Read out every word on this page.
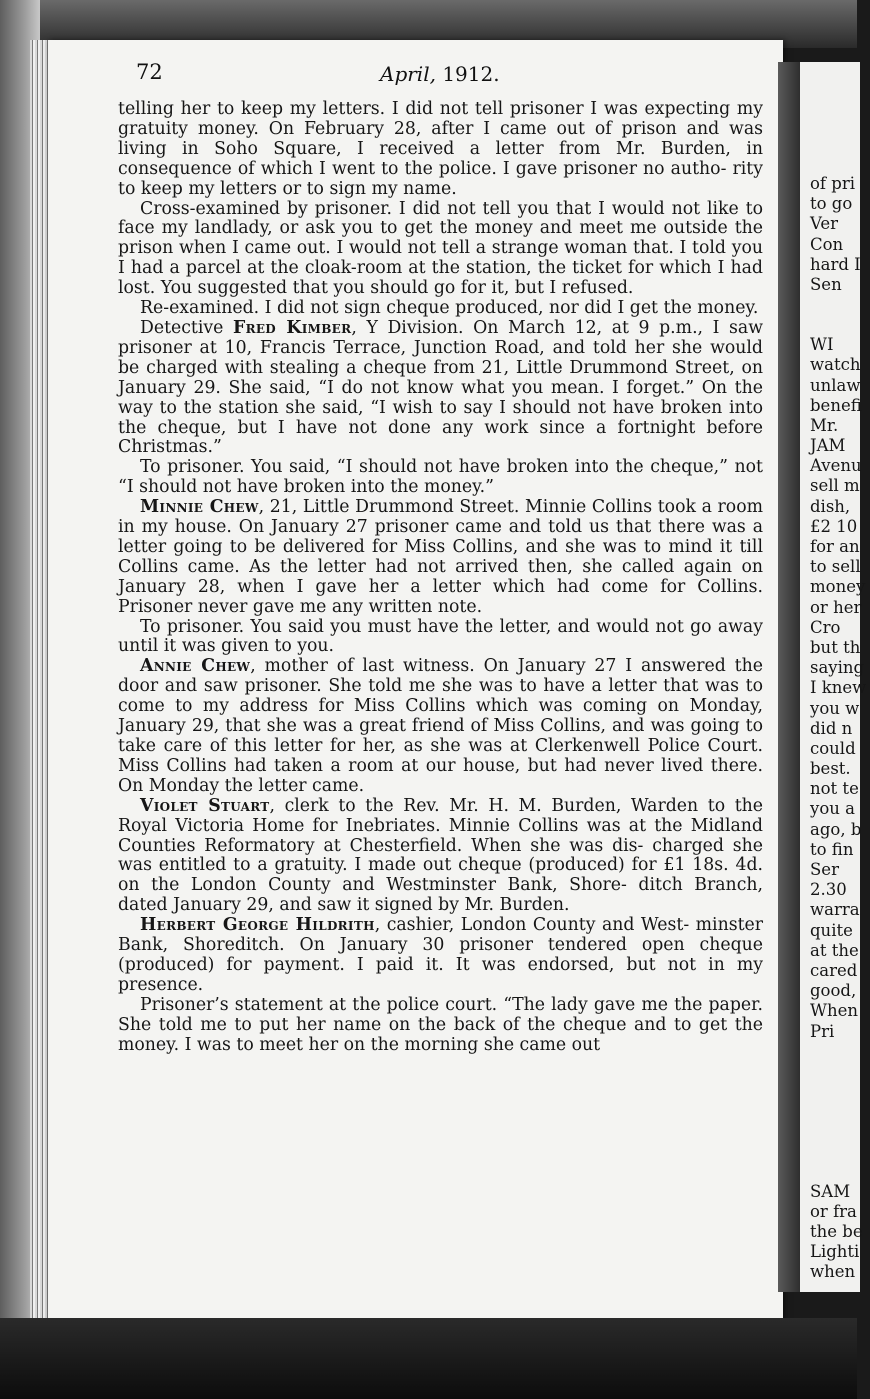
72	April, 1912.

telling her to keep my letters. I did not tell prisoner I was expecting my gratuity money. On February 28, after I came out of prison and was living in Soho Square, I received a letter from Mr. Burden, in consequence of which I went to the police. I gave prisoner no autho- rity to keep my letters or to sign my name.

Cross-examined by prisoner. I did not tell you that I would not like to face my landlady, or ask you to get the money and meet me outside the prison when I came out. I would not tell a strange woman that. I told you I had a parcel at the cloak-room at the station, the ticket for which I had lost. You suggested that you should go for it, but I refused.

Re-examined. I did not sign cheque produced, nor did I get the money.

Detective Fred Kimber, Y Division. On March 12, at 9 p.m., I saw prisoner at 10, Francis Terrace, Junction Road, and told her she would be charged with stealing a cheque from 21, Little Drummond Street, on January 29. She said, “I do not know what you mean. I forget.” On the way to the station she said, “I wish to say I should not have broken into the cheque, but I have not done any work since a fortnight before Christmas.”

To prisoner. You said, “I should not have broken into the cheque,” not “I should not have broken into the money.”

Minnie Chew, 21, Little Drummond Street. Minnie Collins took a room in my house. On January 27 prisoner came and told us that there was a letter going to be delivered for Miss Collins, and she was to mind it till Collins came. As the letter had not arrived then, she called again on January 28, when I gave her a letter which had come for Collins. Prisoner never gave me any written note.

To prisoner. You said you must have the letter, and would not go away until it was given to you.

Annie Chew, mother of last witness. On January 27 I answered the door and saw prisoner. She told me she was to have a letter that was to come to my address for Miss Collins which was coming on Monday, January 29, that she was a great friend of Miss Collins, and was going to take care of this letter for her, as she was at Clerkenwell Police Court. Miss Collins had taken a room at our house, but had never lived there. On Monday the letter came.

Violet Stuart, clerk to the Rev. Mr. H. M. Burden, Warden to the Royal Victoria Home for Inebriates. Minnie Collins was at the Midland Counties Reformatory at Chesterfield. When she was dis- charged she was entitled to a gratuity. I made out cheque (produced) for £1 18s. 4d. on the London County and Westminster Bank, Shore- ditch Branch, dated January 29, and saw it signed by Mr. Burden.

Herbert George Hildrith, cashier, London County and West- minster Bank, Shoreditch. On January 30 prisoner tendered open cheque (produced) for payment. I paid it. It was endorsed, but not in my presence.

Prisoner’s statement at the police court. “The lady gave me the paper. She told me to put her name on the back of the cheque and to get the money. I was to meet her on the morning she came out

of pri
to go
Ver
Con
hard I
Sen
WI
watch
unlaw
benefi
Mr.
JAM
Avenu
sell m
dish,
£2 10
for an
to sell
money
or her
Cro
but th
saying
I knew
you w
did n
could
best.
not te
you a
ago, b
to fin
Ser
2.30
warra
quite
at the
cared
good,
When
Pri
SAM
or fra
the be
Lighti
when
